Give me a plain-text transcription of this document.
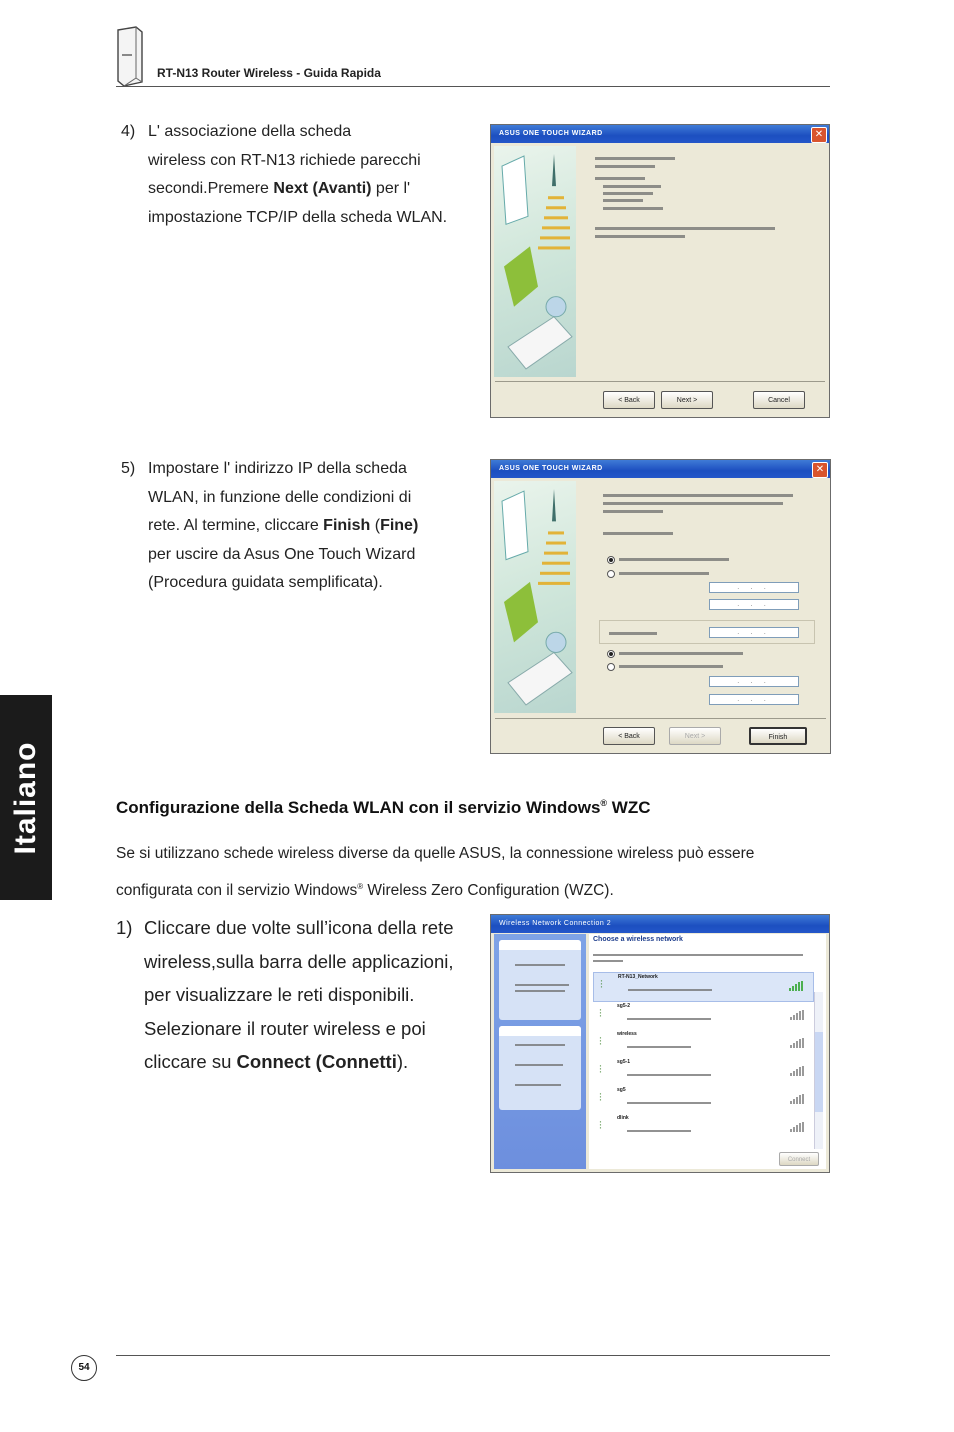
RT-N13 Router Wireless - Guida Rapida
Italiano
4) L' associazione della scheda
wireless con RT-N13 richiede parecchi
secondi.Premere Next (Avanti) per l'
impostazione TCP/IP della scheda WLAN.
ASUS ONE TOUCH WIZARD	✕
< Back	Next >	Cancel
5) Impostare l' indirizzo IP della scheda
WLAN, in funzione delle condizioni di
rete. Al termine, cliccare Finish (Fine)
per uscire da Asus One Touch Wizard
(Procedura guidata semplificata).
ASUS ONE TOUCH WIZARD	✕
. . .
. . .
. . .
. . .
. . .
< Back	Next >	Finish
Configurazione della Scheda WLAN con il servizio Windows® WZC
Se si utilizzano schede wireless diverse da quelle ASUS, la connessione wireless può essere
configurata con il servizio Windows® Wireless Zero Configuration (WZC).
1) Cliccare due volte sull’icona della rete
wireless,sulla barra delle applicazioni,
per visualizzare le reti disponibili.
Selezionare il router wireless e poi
cliccare su Connect (Connetti).
Wireless Network Connection 2
Choose a wireless network
⫶
RT-N13_Network
⫶
sg5-2
⫶
wireless
⫶
sg5-1
⫶
sg5
⫶
dlink
Connect
54
